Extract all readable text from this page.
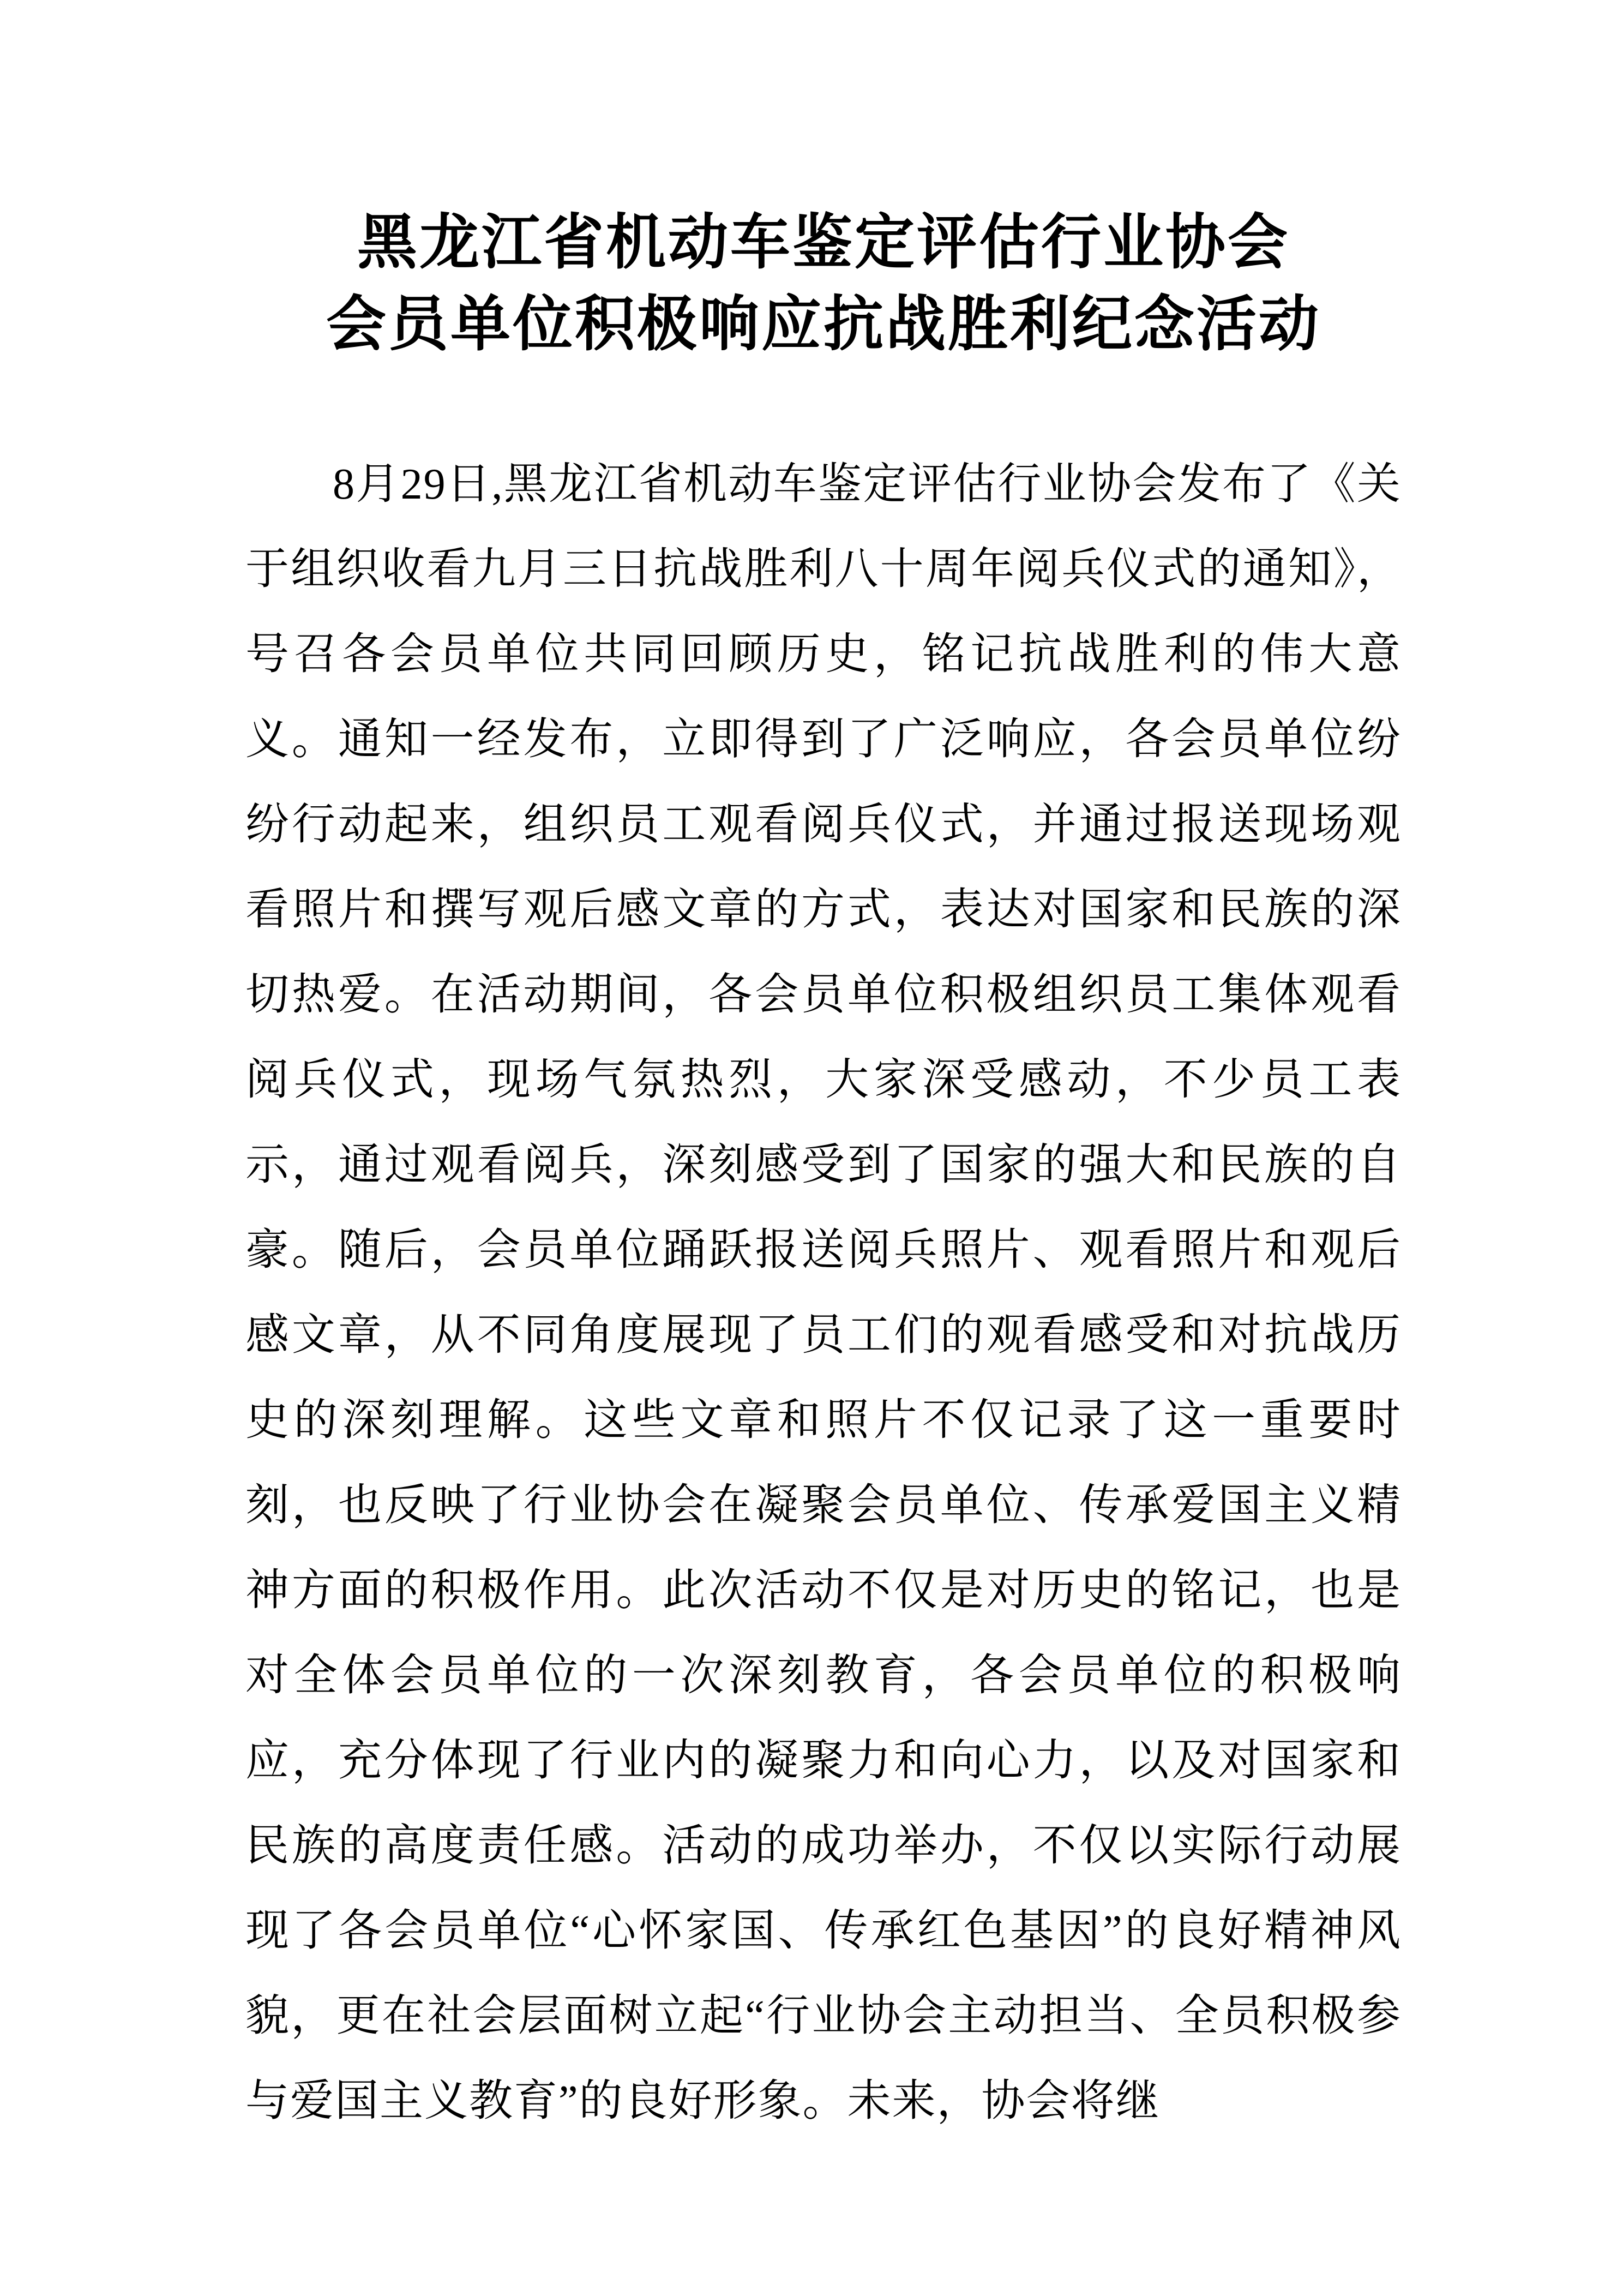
黑龙江省机动车鉴定评估行业协会
会员单位积极响应抗战胜利纪念活动

8月29日,黑龙江省机动车鉴定评估行业协会发布了《关于组织收看九月三日抗战胜利八十周年阅兵仪式的通知》，号召各会员单位共同回顾历史，铭记抗战胜利的伟大意义。通知一经发布，立即得到了广泛响应，各会员单位纷纷行动起来，组织员工观看阅兵仪式，并通过报送现场观看照片和撰写观后感文章的方式，表达对国家和民族的深切热爱。在活动期间，各会员单位积极组织员工集体观看阅兵仪式，现场气氛热烈，大家深受感动，不少员工表示，通过观看阅兵，深刻感受到了国家的强大和民族的自豪。随后，会员单位踊跃报送阅兵照片、观看照片和观后感文章，从不同角度展现了员工们的观看感受和对抗战历史的深刻理解。这些文章和照片不仅记录了这一重要时刻，也反映了行业协会在凝聚会员单位、传承爱国主义精神方面的积极作用。此次活动不仅是对历史的铭记，也是对全体会员单位的一次深刻教育，各会员单位的积极响应，充分体现了行业内的凝聚力和向心力，以及对国家和民族的高度责任感。活动的成功举办，不仅以实际行动展现了各会员单位“心怀家国、传承红色基因”的良好精神风貌，更在社会层面树立起“行业协会主动担当、全员积极参与爱国主义教育”的良好形象。未来，协会将继
